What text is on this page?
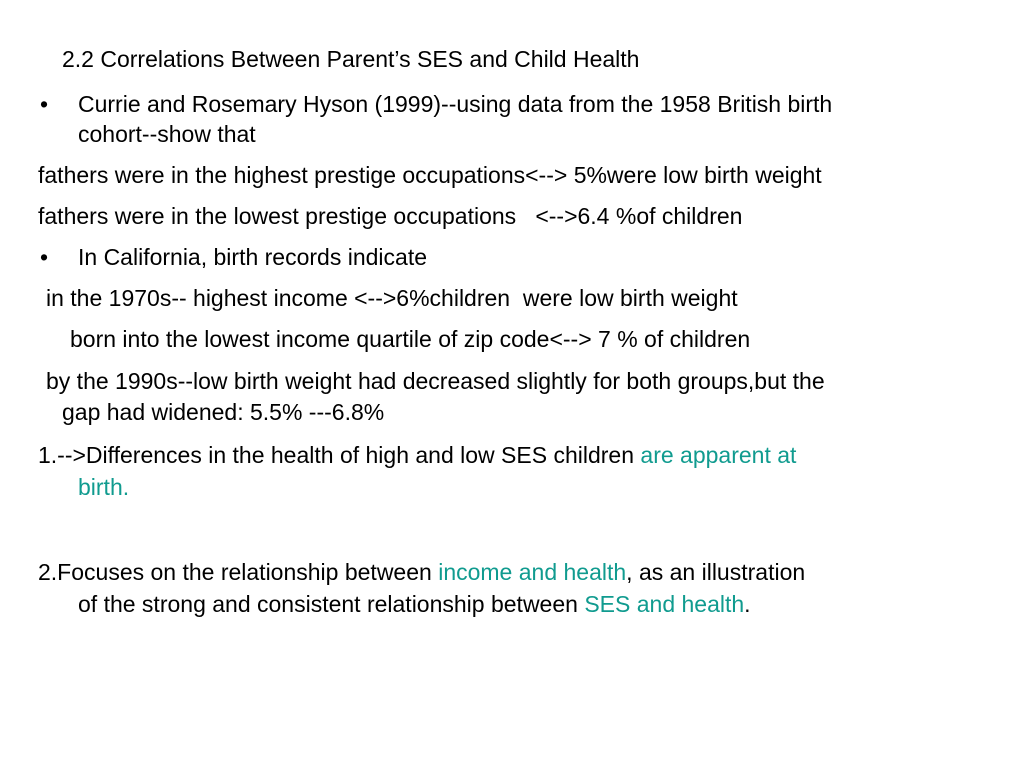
2.2 Correlations Between Parent’s SES and Child Health
• Currie and Rosemary Hyson (1999)--using data from the 1958 British birth
cohort--show that
fathers were in the highest prestige occupations<--> 5%were low birth weight
fathers were in the lowest prestige occupations   <-->6.4 %of children
• In California, birth records indicate
in the 1970s-- highest income <-->6%children  were low birth weight
born into the lowest income quartile of zip code<--> 7 % of children
by the 1990s--low birth weight had decreased slightly for both groups,but the
gap had widened: 5.5% ---6.8%
1.-->Differences in the health of high and low SES children are apparent at
birth.
2.Focuses on the relationship between income and health, as an illustration
of the strong and consistent relationship between SES and health.
